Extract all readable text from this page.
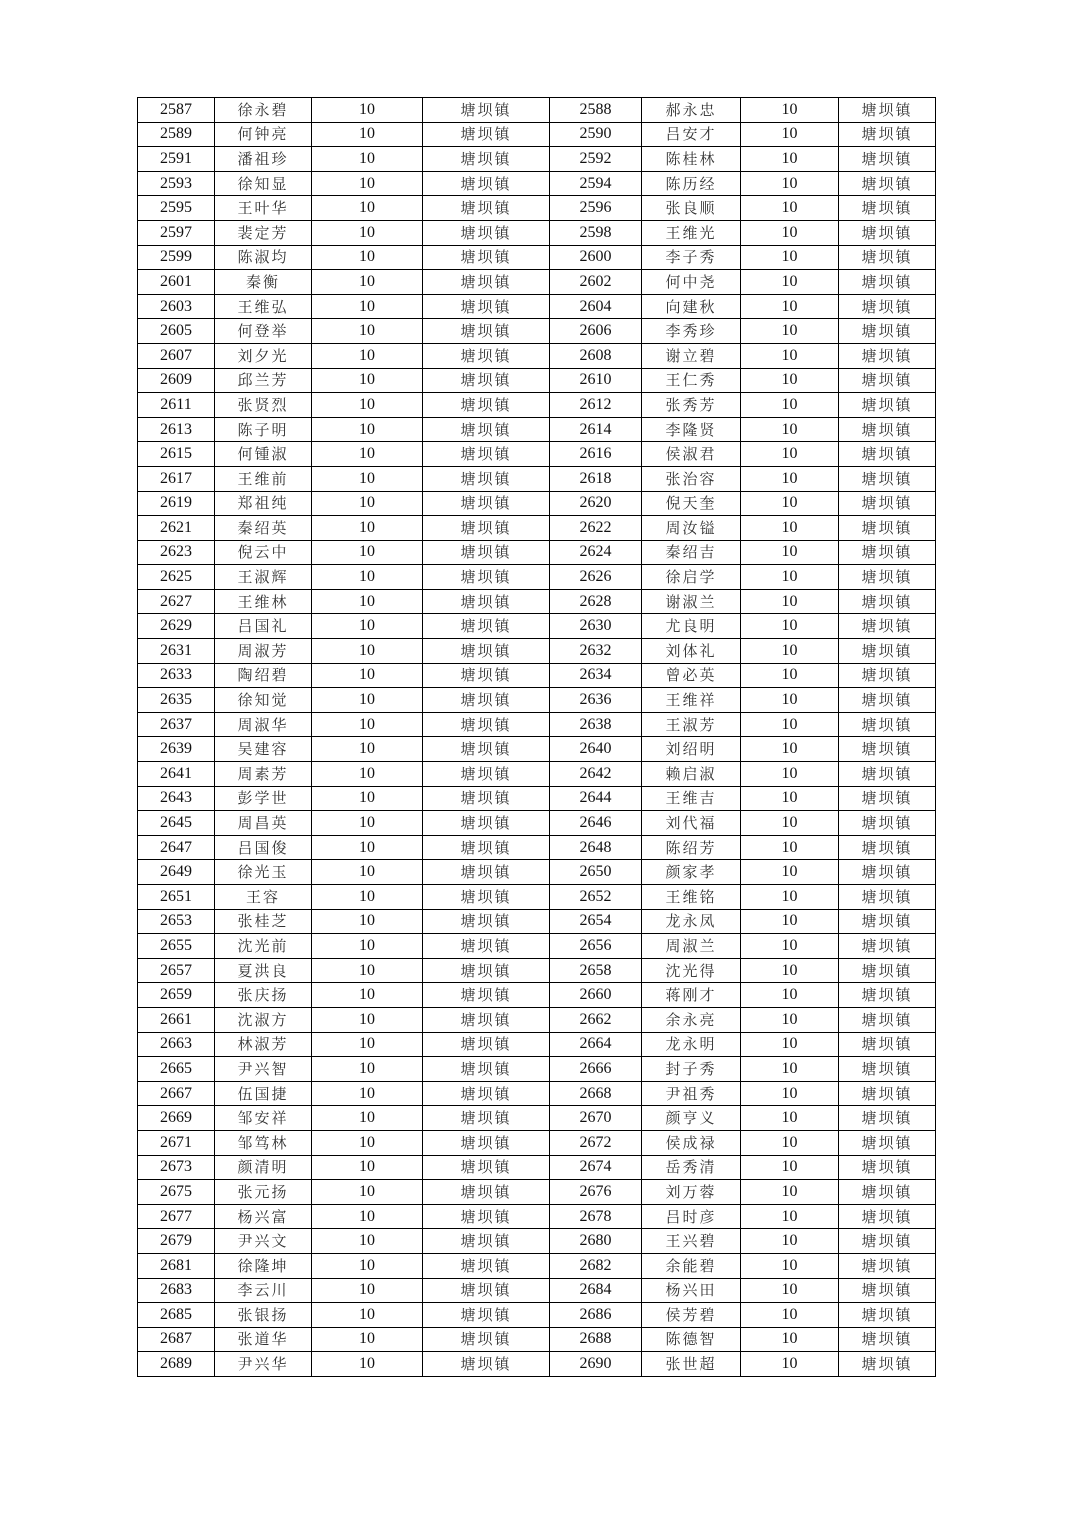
2587	徐永碧	10	塘坝镇	2588	郝永忠	10	塘坝镇
2589	何钟亮	10	塘坝镇	2590	吕安才	10	塘坝镇
2591	潘祖珍	10	塘坝镇	2592	陈桂林	10	塘坝镇
2593	徐知显	10	塘坝镇	2594	陈历经	10	塘坝镇
2595	王叶华	10	塘坝镇	2596	张良顺	10	塘坝镇
2597	裴定芳	10	塘坝镇	2598	王维光	10	塘坝镇
2599	陈淑均	10	塘坝镇	2600	李子秀	10	塘坝镇
2601	秦衡	10	塘坝镇	2602	何中尧	10	塘坝镇
2603	王维弘	10	塘坝镇	2604	向建秋	10	塘坝镇
2605	何登举	10	塘坝镇	2606	李秀珍	10	塘坝镇
2607	刘夕光	10	塘坝镇	2608	谢立碧	10	塘坝镇
2609	邱兰芳	10	塘坝镇	2610	王仁秀	10	塘坝镇
2611	张贤烈	10	塘坝镇	2612	张秀芳	10	塘坝镇
2613	陈子明	10	塘坝镇	2614	李隆贤	10	塘坝镇
2615	何锺淑	10	塘坝镇	2616	侯淑君	10	塘坝镇
2617	王维前	10	塘坝镇	2618	张治容	10	塘坝镇
2619	郑祖纯	10	塘坝镇	2620	倪天奎	10	塘坝镇
2621	秦绍英	10	塘坝镇	2622	周汝镒	10	塘坝镇
2623	倪云中	10	塘坝镇	2624	秦绍吉	10	塘坝镇
2625	王淑辉	10	塘坝镇	2626	徐启学	10	塘坝镇
2627	王维林	10	塘坝镇	2628	谢淑兰	10	塘坝镇
2629	吕国礼	10	塘坝镇	2630	尤良明	10	塘坝镇
2631	周淑芳	10	塘坝镇	2632	刘体礼	10	塘坝镇
2633	陶绍碧	10	塘坝镇	2634	曾必英	10	塘坝镇
2635	徐知觉	10	塘坝镇	2636	王维祥	10	塘坝镇
2637	周淑华	10	塘坝镇	2638	王淑芳	10	塘坝镇
2639	吴建容	10	塘坝镇	2640	刘绍明	10	塘坝镇
2641	周素芳	10	塘坝镇	2642	赖启淑	10	塘坝镇
2643	彭学世	10	塘坝镇	2644	王维吉	10	塘坝镇
2645	周昌英	10	塘坝镇	2646	刘代福	10	塘坝镇
2647	吕国俊	10	塘坝镇	2648	陈绍芳	10	塘坝镇
2649	徐光玉	10	塘坝镇	2650	颜家孝	10	塘坝镇
2651	王容	10	塘坝镇	2652	王维铭	10	塘坝镇
2653	张桂芝	10	塘坝镇	2654	龙永凤	10	塘坝镇
2655	沈光前	10	塘坝镇	2656	周淑兰	10	塘坝镇
2657	夏洪良	10	塘坝镇	2658	沈光得	10	塘坝镇
2659	张庆扬	10	塘坝镇	2660	蒋刚才	10	塘坝镇
2661	沈淑方	10	塘坝镇	2662	余永亮	10	塘坝镇
2663	林淑芳	10	塘坝镇	2664	龙永明	10	塘坝镇
2665	尹兴智	10	塘坝镇	2666	封子秀	10	塘坝镇
2667	伍国捷	10	塘坝镇	2668	尹祖秀	10	塘坝镇
2669	邹安祥	10	塘坝镇	2670	颜亨义	10	塘坝镇
2671	邹笃林	10	塘坝镇	2672	侯成禄	10	塘坝镇
2673	颜清明	10	塘坝镇	2674	岳秀清	10	塘坝镇
2675	张元扬	10	塘坝镇	2676	刘万蓉	10	塘坝镇
2677	杨兴富	10	塘坝镇	2678	吕时彦	10	塘坝镇
2679	尹兴文	10	塘坝镇	2680	王兴碧	10	塘坝镇
2681	徐隆坤	10	塘坝镇	2682	余能碧	10	塘坝镇
2683	李云川	10	塘坝镇	2684	杨兴田	10	塘坝镇
2685	张银扬	10	塘坝镇	2686	侯芳碧	10	塘坝镇
2687	张道华	10	塘坝镇	2688	陈德智	10	塘坝镇
2689	尹兴华	10	塘坝镇	2690	张世超	10	塘坝镇
